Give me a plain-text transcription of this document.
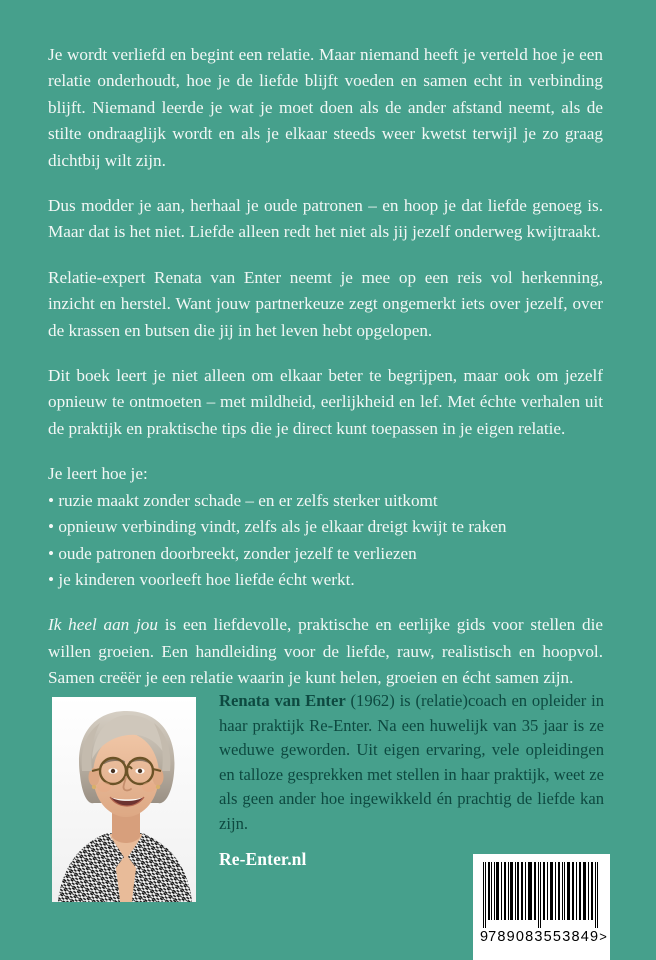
Je wordt verliefd en begint een relatie. Maar niemand heeft je verteld hoe je een relatie onderhoudt, hoe je de liefde blijft voeden en samen echt in verbinding blijft. Niemand leerde je wat je moet doen als de ander afstand neemt, als de stilte ondraaglijk wordt en als je elkaar steeds weer kwetst terwijl je zo graag dichtbij wilt zijn.

Dus modder je aan, herhaal je oude patronen – en hoop je dat liefde genoeg is. Maar dat is het niet. Liefde alleen redt het niet als jij jezelf onderweg kwijtraakt.

Relatie-expert Renata van Enter neemt je mee op een reis vol herkenning, inzicht en herstel. Want jouw partnerkeuze zegt ongemerkt iets over jezelf, over de krassen en butsen die jij in het leven hebt opgelopen.

Dit boek leert je niet alleen om elkaar beter te begrijpen, maar ook om jezelf opnieuw te ontmoeten – met mildheid, eerlijkheid en lef. Met échte verhalen uit de praktijk en praktische tips die je direct kunt toepassen in je eigen relatie.

Je leert hoe je:

• ruzie maakt zonder schade – en er zelfs sterker uitkomt
• opnieuw verbinding vindt, zelfs als je elkaar dreigt kwijt te raken
• oude patronen doorbreekt, zonder jezelf te verliezen
• je kinderen voorleeft hoe liefde écht werkt.

Ik heel aan jou is een liefdevolle, praktische en eerlijke gids voor stellen die willen groeien. Een handleiding voor de liefde, rauw, realistisch en hoopvol. Samen creëër je een relatie waarin je kunt helen, groeien en écht samen zijn.

Renata van Enter (1962) is (relatie)coach en opleider in haar praktijk Re-Enter. Na een huwelijk van 35 jaar is ze weduwe geworden. Uit eigen ervaring, vele opleidingen en talloze gesprekken met stellen in haar praktijk, weet ze als geen ander hoe ingewikkeld én prachtig de liefde kan zijn.

Re-Enter.nl
9 789083 553849 >
